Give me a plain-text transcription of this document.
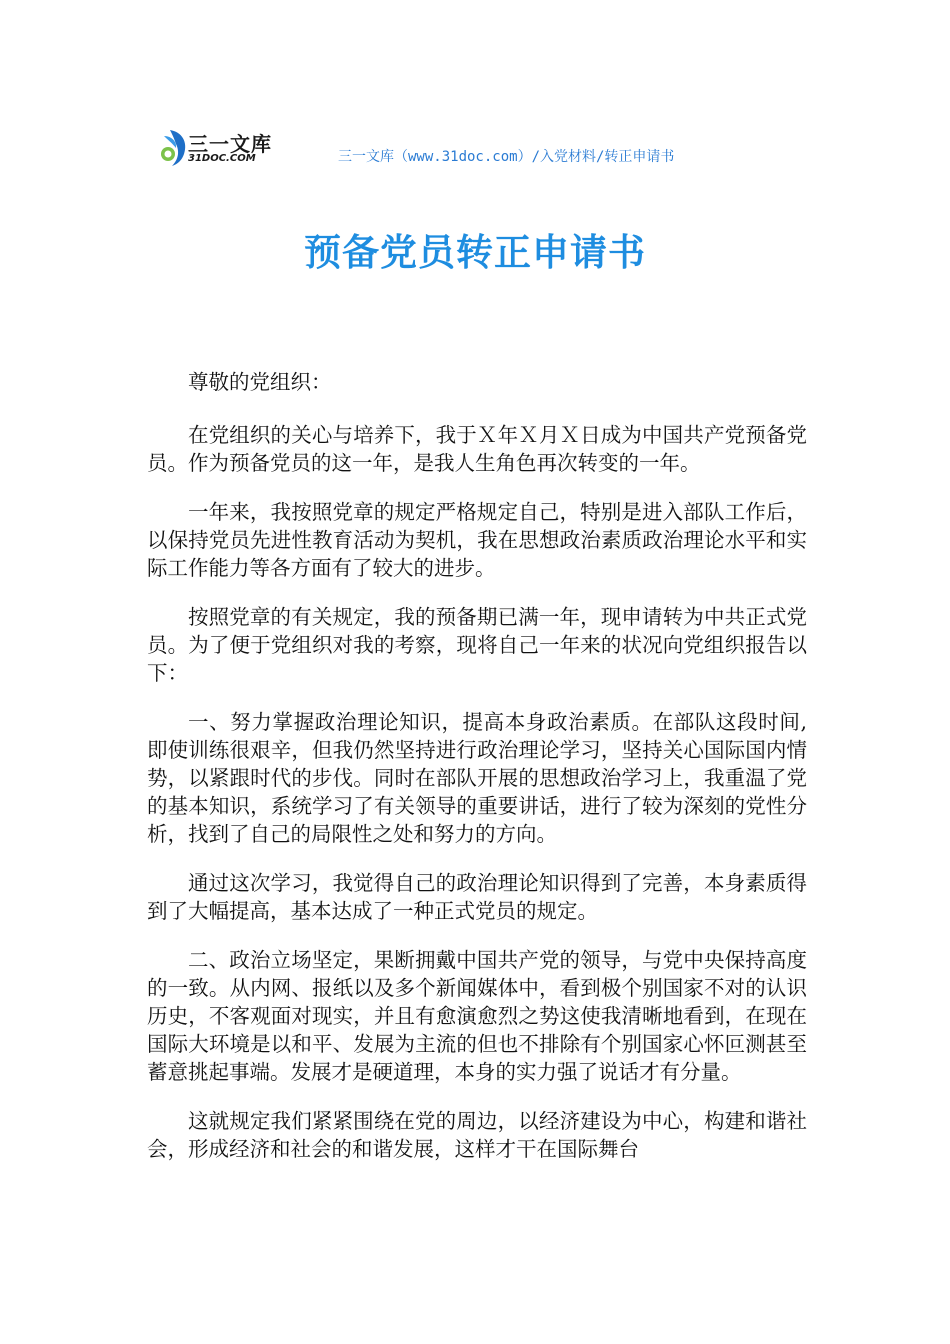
三一文库
31DOC.COM	三一文库（www.31doc.com）/入党材料/转正申请书
预备党员转正申请书

尊敬的党组织：

在党组织的关心与培养下，我于Ｘ年Ｘ月Ｘ日成为中国共产党预备党员。作为预备党员的这一年，是我人生角色再次转变的一年。

一年来，我按照党章的规定严格规定自己，特别是进入部队工作后，以保持党员先进性教育活动为契机，我在思想政治素质政治理论水平和实际工作能力等各方面有了较大的进步。

按照党章的有关规定，我的预备期已满一年，现申请转为中共正式党员。为了便于党组织对我的考察，现将自己一年来的状况向党组织报告以下：

一、努力掌握政治理论知识，提高本身政治素质。在部队这段时间,即使训练很艰辛，但我仍然坚持进行政治理论学习，坚持关心国际国内情势，以紧跟时代的步伐。同时在部队开展的思想政治学习上，我重温了党的基本知识，系统学习了有关领导的重要讲话，进行了较为深刻的党性分析，找到了自己的局限性之处和努力的方向。

通过这次学习，我觉得自己的政治理论知识得到了完善，本身素质得到了大幅提高，基本达成了一种正式党员的规定。

二、政治立场坚定，果断拥戴中国共产党的领导，与党中央保持高度的一致。从内网、报纸以及多个新闻媒体中，看到极个别国家不对的认识历史，不客观面对现实，并且有愈演愈烈之势这使我清晰地看到，在现在国际大环境是以和平、发展为主流的但也不排除有个别国家心怀叵测甚至蓄意挑起事端。发展才是硬道理，本身的实力强了说话才有分量。

这就规定我们紧紧围绕在党的周边，以经济建设为中心，构建和谐社会，形成经济和社会的和谐发展，这样才干在国际舞台
